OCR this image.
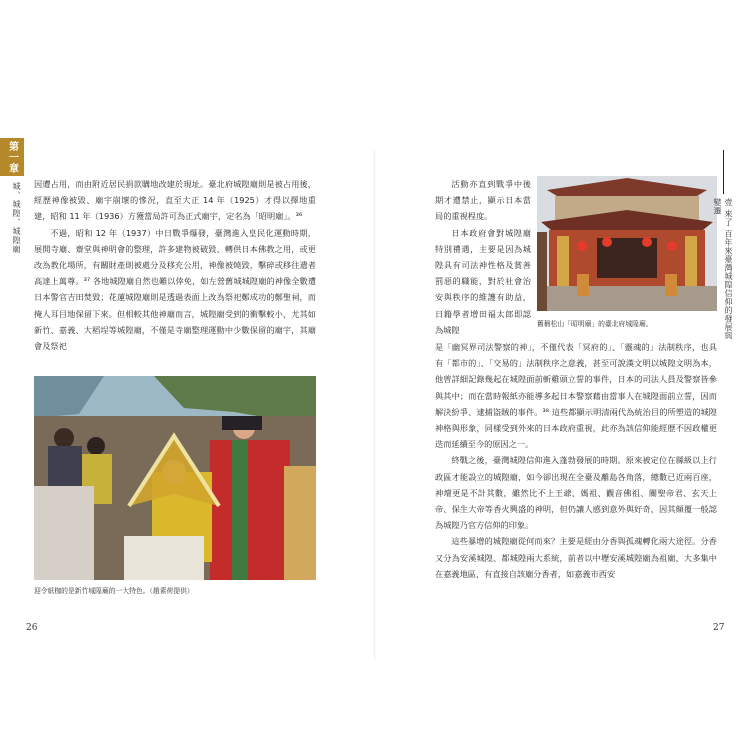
第一章
城、城隍、城隍廟 因遭占用，而由附近居民捐款購地改建於現址。臺北府城隍廟則是被占用後，經歷神像被毀、廟宇崩壞的慘況，直至大正 14 年（1925）才得以擇地重建，昭和 11 年（1936）方獲當局許可為正式廟宇，定名為「昭明廟」。³⁶

不過，昭和 12 年（1937）中日戰爭爆發，臺灣進入皇民化運動時期，展開寺廟、齋堂與神明會的整理，許多建物被破毀、轉供日本佛教之用，或更改為教化場所，有關財產則被處分及移充公用，神像被燒毀，擊碎或移往遺者高達上萬尊。³⁷ 各地城隍廟自然也難以倖免，如左營舊城城隍廟的神像全數遭日本警官吉田焚毀；花蓮城隍廟則是透過表面上改為祭祀鄭成功的鄭聖祠，而掩人耳目地保留下來。但相較其他神廟而言，城隍廟受到的衝擊較小，尤其如新竹、嘉義、大稻埕等城隍廟，不僅是寺廟整理運動中少數保留的廟宇，其廟會及祭祀

迎令紙枷的是新竹城隍廟的一大特色。（趙素荷提供）
26

活動亦直到戰爭中後期才遭禁止，顯示日本當局的重視程度。

日本政府會對城隍廟特別禮遇，主要是因為城隍具有司法神性格及賞善罰惡的職能，對於社會治安與秩序的維護有助益，日籍學者增田福太郎即認為城隍

舊稱松山「昭明廟」的臺北府城隍廟。

是「幽冥界司法警察的神」，不僅代表「冥府的」、「靈魂的」法制秩序，也具有「都市的」、「交易的」法制秩序之意義，甚至可說漢文明以城隍文明為本，他曾詳細記錄幾起在城隍面前斬雞頭立誓的事件，日本的司法人員及警察皆參與其中；而在當時報紙亦能導多起日本警察藉由當事人在城隍面前立誓，因而解決紛爭、逮捕盜賊的事件。³⁸ 這些都顯示明清兩代為統治目的所塑造的城隍神格與形象，同樣受到外來的日本政府重視，此亦為該信仰能經歷不因政權更迭而延續至今的原因之一。

終戰之後，臺灣城隍信仰進入蓬勃發展的時期。原來被定位在縣級以上行政區才能設立的城隍廟，如今卻出現在全臺及離島各角落，總數已近兩百座，神壇更是不計其數，雖然比不上王爺、媽祖、觀音佛祖、關聖帝君、玄天上帝、保生大帝等香火興盛的神明，但仍讓人感到意外與好奇，因其顛覆一般認為城隍乃官方信仰的印象。

這些暴增的城隍廟從何而來？主要是經由分香與孤魂轉化兩大途徑。分香又分為安溪城隍、都城隍兩大系統，前者以中壢安溪城隍廟為祖廟，大多集中在嘉義地區，有直接自該廟分香者，如嘉義市西安

壹 來了 百年來臺灣城隍信仰的發展與變遷
27
